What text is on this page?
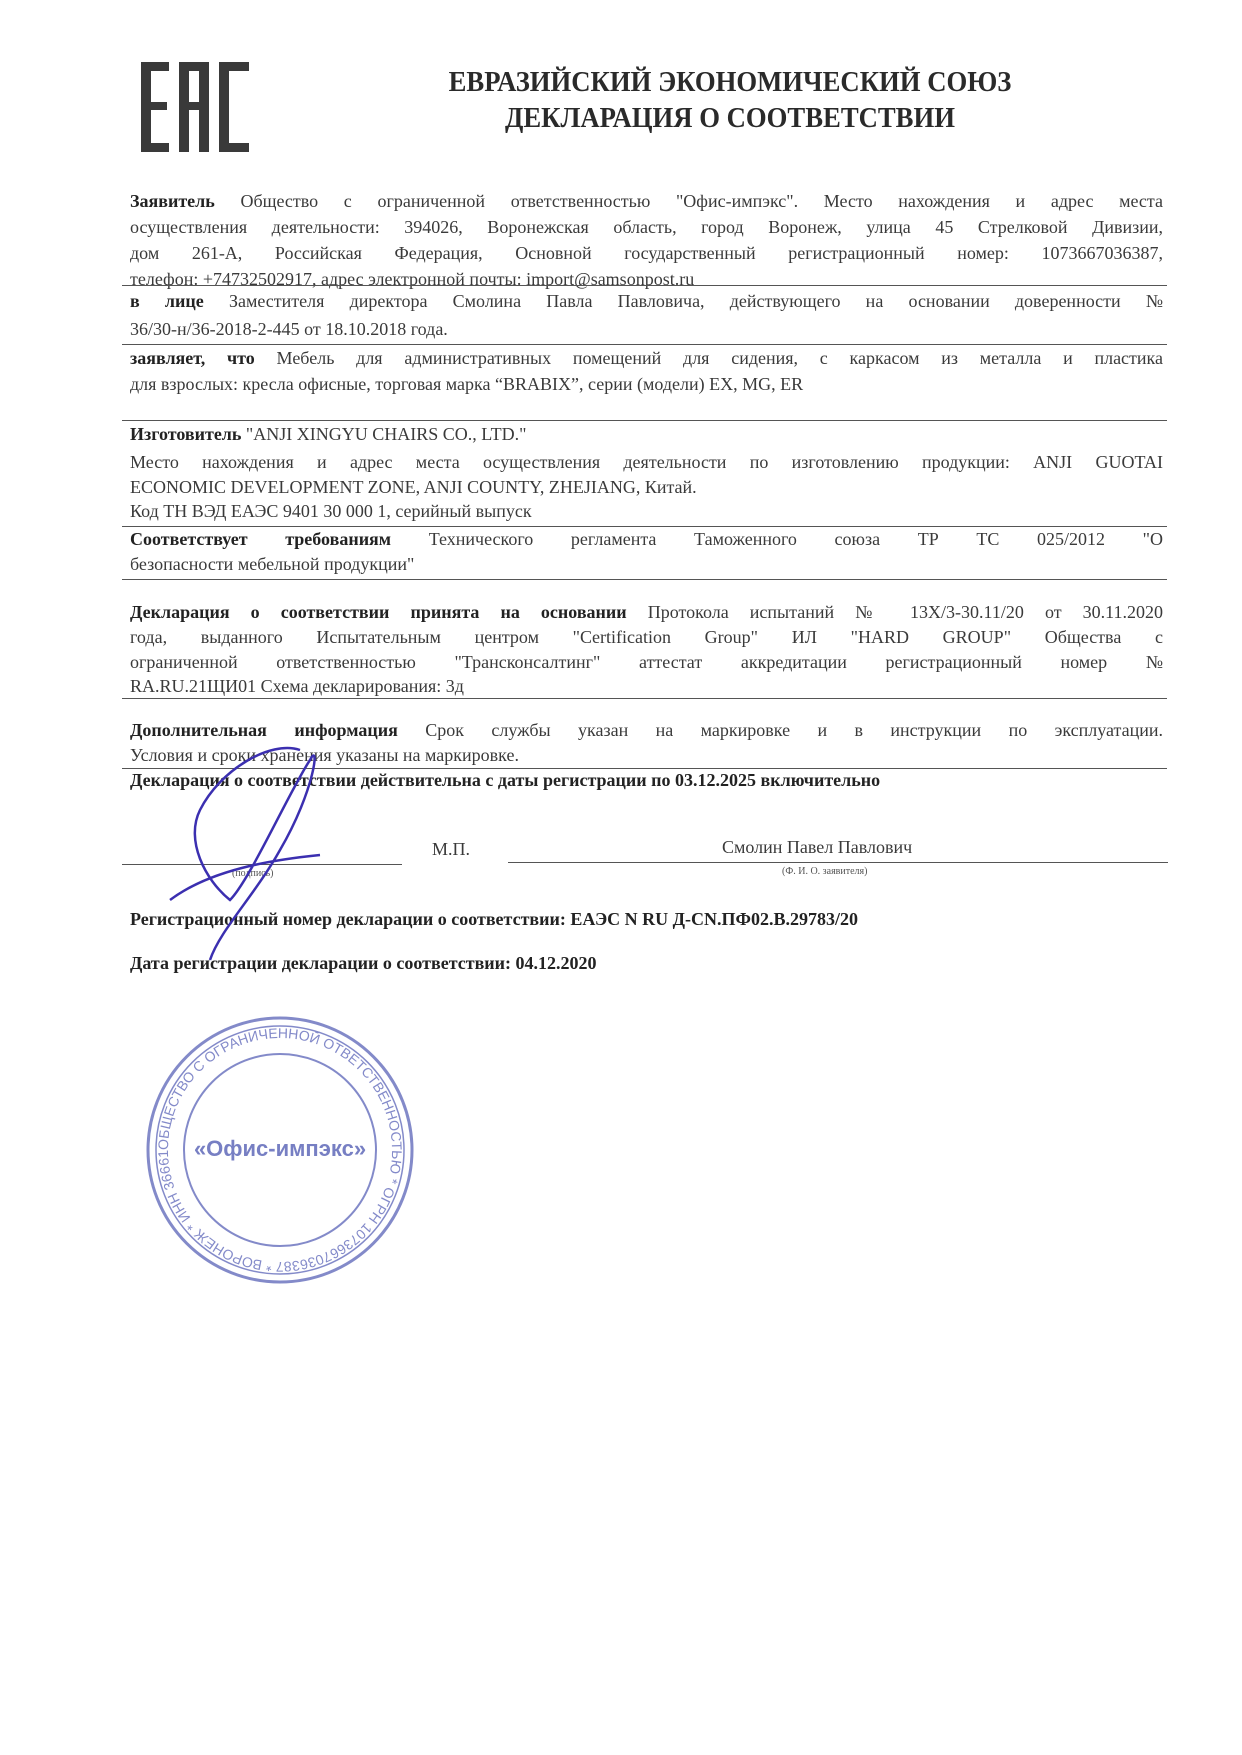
ЕВРАЗИЙСКИЙ ЭКОНОМИЧЕСКИЙ СОЮЗ
ДЕКЛАРАЦИЯ О СООТВЕТСТВИИ
Заявитель Общество с ограниченной ответственностью "Офис-импэкс". Место нахождения и адрес места
осуществления деятельности: 394026, Воронежская область, город Воронеж, улица 45 Стрелковой Дивизии,
дом 261-А, Российская Федерация, Основной государственный регистрационный номер: 1073667036387,
телефон: +74732502917, адрес электронной почты: import@samsonpost.ru
в лице Заместителя директора Смолина Павла Павловича, действующего на основании доверенности №
36/30-н/36-2018-2-445 от 18.10.2018 года.
заявляет, что Мебель для административных помещений для сидения, с каркасом из металла и пластика
для взрослых: кресла офисные, торговая марка “BRABIX”, серии (модели) EX, MG, ER
Изготовитель "ANJI XINGYU CHAIRS CO., LTD."
Место нахождения и адрес места осуществления деятельности по изготовлению продукции: ANJI GUOTAI
ECONOMIC DEVELOPMENT ZONE, ANJI COUNTY, ZHEJIANG, Китай.
Код ТН ВЭД ЕАЭС 9401 30 000 1, серийный выпуск
Соответствует требованиям Технического регламента Таможенного союза ТР ТС 025/2012 "О
безопасности мебельной продукции"
Декларация о соответствии принята на основании Протокола испытаний № 13Х/3-30.11/20 от 30.11.2020
года, выданного Испытательным центром "Certification Group" ИЛ "HARD GROUP" Общества с
ограниченной ответственностью "Трансконсалтинг" аттестат аккредитации регистрационный номер №
RA.RU.21ЩИ01 Схема декларирования: 3д
Дополнительная информация Срок службы указан на маркировке и в инструкции по эксплуатации.
Условия и сроки хранения указаны на маркировке.
Декларация о соответствии действительна с даты регистрации по 03.12.2025 включительно
Регистрационный номер декларации о соответствии: ЕАЭС N RU Д-CN.ПФ02.В.29783/20
Дата регистрации декларации о соответствии: 04.12.2020
(подпись)
М.П.	Смолин Павел Павлович
(Ф. И. О. заявителя)
ОБЩЕСТВО С ОГРАНИЧЕННОЙ ОТВЕТСТВЕННОСТЬЮ * ОГРН 1073667036387 * ВОРОНЕЖ * ИНН 36661	«Офис-импэкс»
